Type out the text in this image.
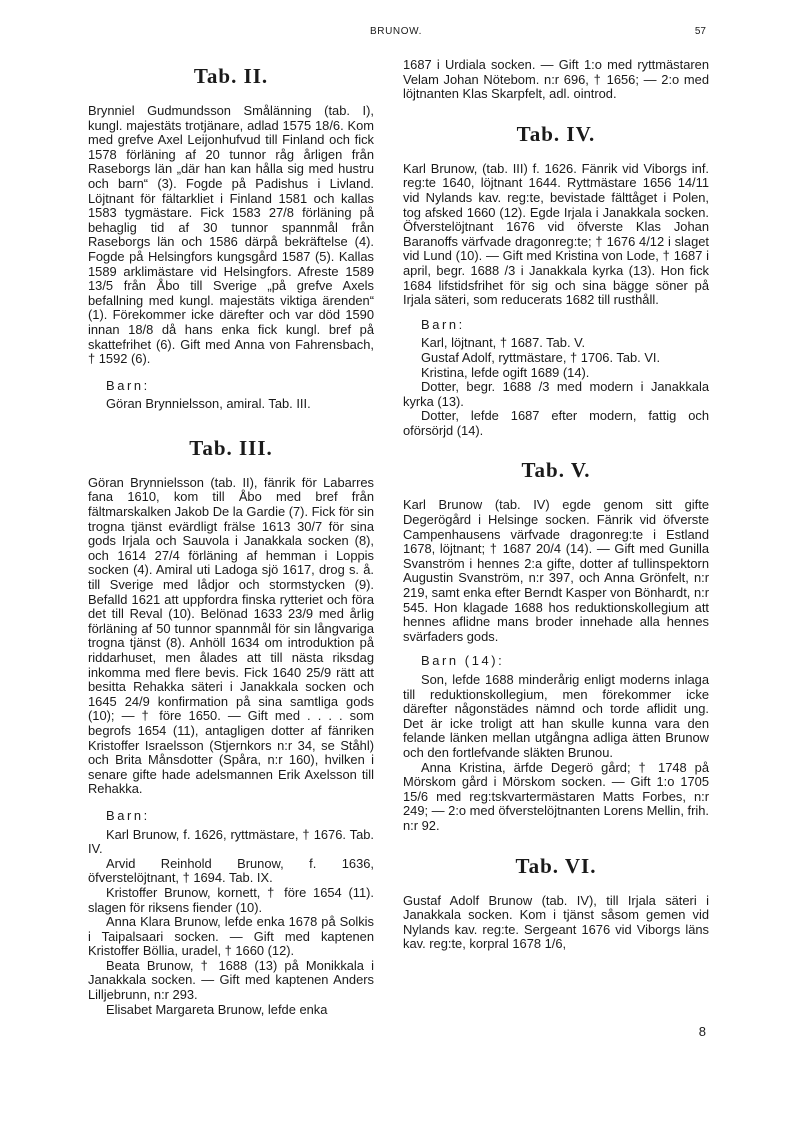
BRUNOW.	57
Tab. II.

Brynniel Gudmundsson Smålänning (tab. I), kungl. majestäts trotjänare, adlad 1575 18/6. Kom med grefve Axel Leijonhufvud till Finland och fick 1578 förläning af 20 tunnor råg årligen från Raseborgs län „där han kan hålla sig med hustru och barn“ (3). Fogde på Padishus i Livland. Löjtnant för fältarkliet i Finland 1581 och kallas 1583 tygmästare. Fick 1583 27/8 förläning på behaglig tid af 30 tunnor spannmål från Raseborgs län och 1586 därpå bekräftelse (4). Fogde på Helsingfors kungsgård 1587 (5). Kallas 1589 arklimästare vid Helsingfors. Afreste 1589 13/5 från Åbo till Sverige „på grefve Axels befallning med kungl. majestäts viktiga ärenden“ (1). Förekommer icke därefter och var död 1590 innan 18/8 då hans enka fick kungl. bref på skattefrihet (6). Gift med Anna von Fahrensbach, † 1592 (6).

Barn:

Göran Brynnielsson, amiral. Tab. III.

Tab. III.

Göran Brynnielsson (tab. II), fänrik för Labarres fana 1610, kom till Åbo med bref från fältmarskalken Jakob De la Gardie (7). Fick för sin trogna tjänst evärdligt frälse 1613 30/7 för sina gods Irjala och Sauvola i Janakkala socken (8), och 1614 27/4 förläning af hemman i Loppis socken (4). Amiral uti Ladoga sjö 1617, drog s. å. till Sverige med lådjor och stormstycken (9). Befalld 1621 att uppfordra finska rytteriet och föra det till Reval (10). Belönad 1633 23/9 med årlig förläning af 50 tunnor spannmål för sin långvariga trogna tjänst (8). Anhöll 1634 om introduktion på riddarhuset, men ålades att till nästa riksdag inkomma med flere bevis. Fick 1640 25/9 rätt att besitta Rehakka säteri i Janakkala socken och 1645 24/9 konfirmation på sina samtliga gods (10); — † före 1650. — Gift med . . . . som begrofs 1654 (11), antagligen dotter af fänriken Kristoffer Israelsson (Stjernkors n:r 34, se Ståhl) och Brita Månsdotter (Spåra, n:r 160), hvilken i senare gifte hade adelsmannen Erik Axelsson till Rehakka.

Barn:

Karl Brunow, f. 1626, ryttmästare, † 1676. Tab. IV.

Arvid Reinhold Brunow, f. 1636, öfverstelöjtnant, † 1694. Tab. IX.

Kristoffer Brunow, kornett, † före 1654 (11). slagen för riksens fiender (10).

Anna Klara Brunow, lefde enka 1678 på Solkis i Taipalsaari socken. — Gift med kaptenen Kristoffer Böllia, uradel, † 1660 (12).

Beata Brunow, † 1688 (13) på Monikkala i Janakkala socken. — Gift med kaptenen Anders Lilljebrunn, n:r 293.

Elisabet Margareta Brunow, lefde enka

1687 i Urdiala socken. — Gift 1:o med ryttmästaren Velam Johan Nötebom. n:r 696, † 1656; — 2:o med löjtnanten Klas Skarpfelt, adl. ointrod.

Tab. IV.

Karl Brunow, (tab. III) f. 1626. Fänrik vid Viborgs inf. reg:te 1640, löjtnant 1644. Ryttmästare 1656 14/11 vid Nylands kav. reg:te, bevistade fälttåget i Polen, tog afsked 1660 (12). Egde Irjala i Janakkala socken. Öfverstelöjtnant 1676 vid öfverste Klas Johan Baranoffs värfvade dragonreg:te; † 1676 4/12 i slaget vid Lund (10). — Gift med Kristina von Lode, † 1687 i april, begr. 1688 /3 i Janakkala kyrka (13). Hon fick 1684 lifstidsfrihet för sig och sina bägge söner på Irjala säteri, som reducerats 1682 till rusthåll.

Barn:

Karl, löjtnant, † 1687. Tab. V.

Gustaf Adolf, ryttmästare, † 1706. Tab. VI.

Kristina, lefde ogift 1689 (14).

Dotter, begr. 1688 /3 med modern i Janakkala kyrka (13).

Dotter, lefde 1687 efter modern, fattig och oförsörjd (14).

Tab. V.

Karl Brunow (tab. IV) egde genom sitt gifte Degerögård i Helsinge socken. Fänrik vid öfverste Campenhausens värfvade dragonreg:te i Estland 1678, löjtnant; † 1687 20/4 (14). — Gift med Gunilla Svanström i hennes 2:a gifte, dotter af tullinspektorn Augustin Svanström, n:r 397, och Anna Grönfelt, n:r 219, samt enka efter Berndt Kasper von Bönhardt, n:r 545. Hon klagade 1688 hos reduktionskollegium att hennes aflidne mans broder innehade alla hennes svärfaders gods.

Barn (14):

Son, lefde 1688 minderårig enligt moderns inlaga till reduktionskollegium, men förekommer icke därefter någonstädes nämnd och torde aflidit ung. Det är icke troligt att han skulle kunna vara den felande länken mellan utgångna adliga ätten Brunow och den fortlefvande släkten Brunou.

Anna Kristina, ärfde Degerö gård; † 1748 på Mörskom gård i Mörskom socken. — Gift 1:o 1705 15/6 med reg:tskvartermästaren Matts Forbes, n:r 249; — 2:o med öfverstelöjtnanten Lorens Mellin, frih. n:r 92.

Tab. VI.

Gustaf Adolf Brunow (tab. IV), till Irjala säteri i Janakkala socken. Kom i tjänst såsom gemen vid Nylands kav. reg:te. Sergeant 1676 vid Viborgs läns kav. reg:te, korpral 1678 1/6,

8
